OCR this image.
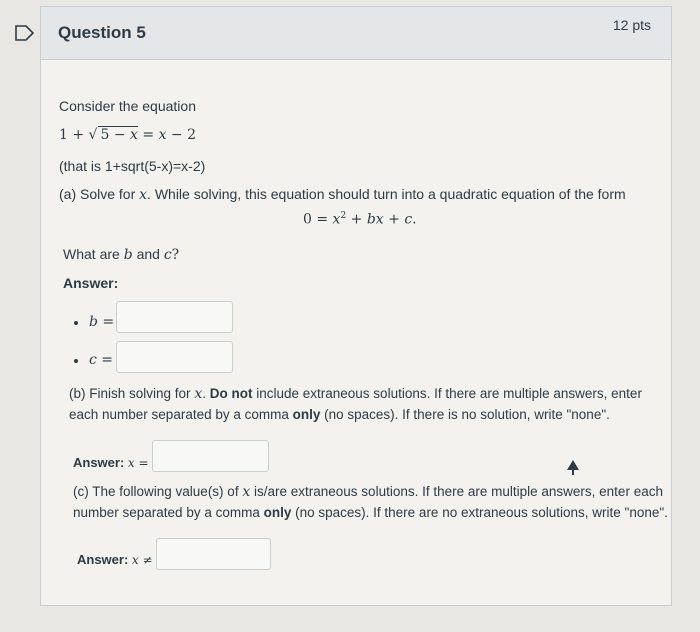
Question 5	12 pts
Consider the equation
1 + √ 5 − x = x − 2
(that is 1+sqrt(5-x)=x-2)
(a) Solve for x. While solving, this equation should turn into a quadratic equation of the form
$0 = x^2$ + bx + c.
What are b and c?
Answer:
b =
c =
(b) Finish solving for x. Do not include extraneous solutions. If there are multiple answers, enter
each number separated by a comma only (no spaces). If there is no solution, write "none".
Answer: x =
(c) The following value(s) of x is/are extraneous solutions. If there are multiple answers, enter each
number separated by a comma only (no spaces). If there are no extraneous solutions, write "none".
Answer: x ≠
